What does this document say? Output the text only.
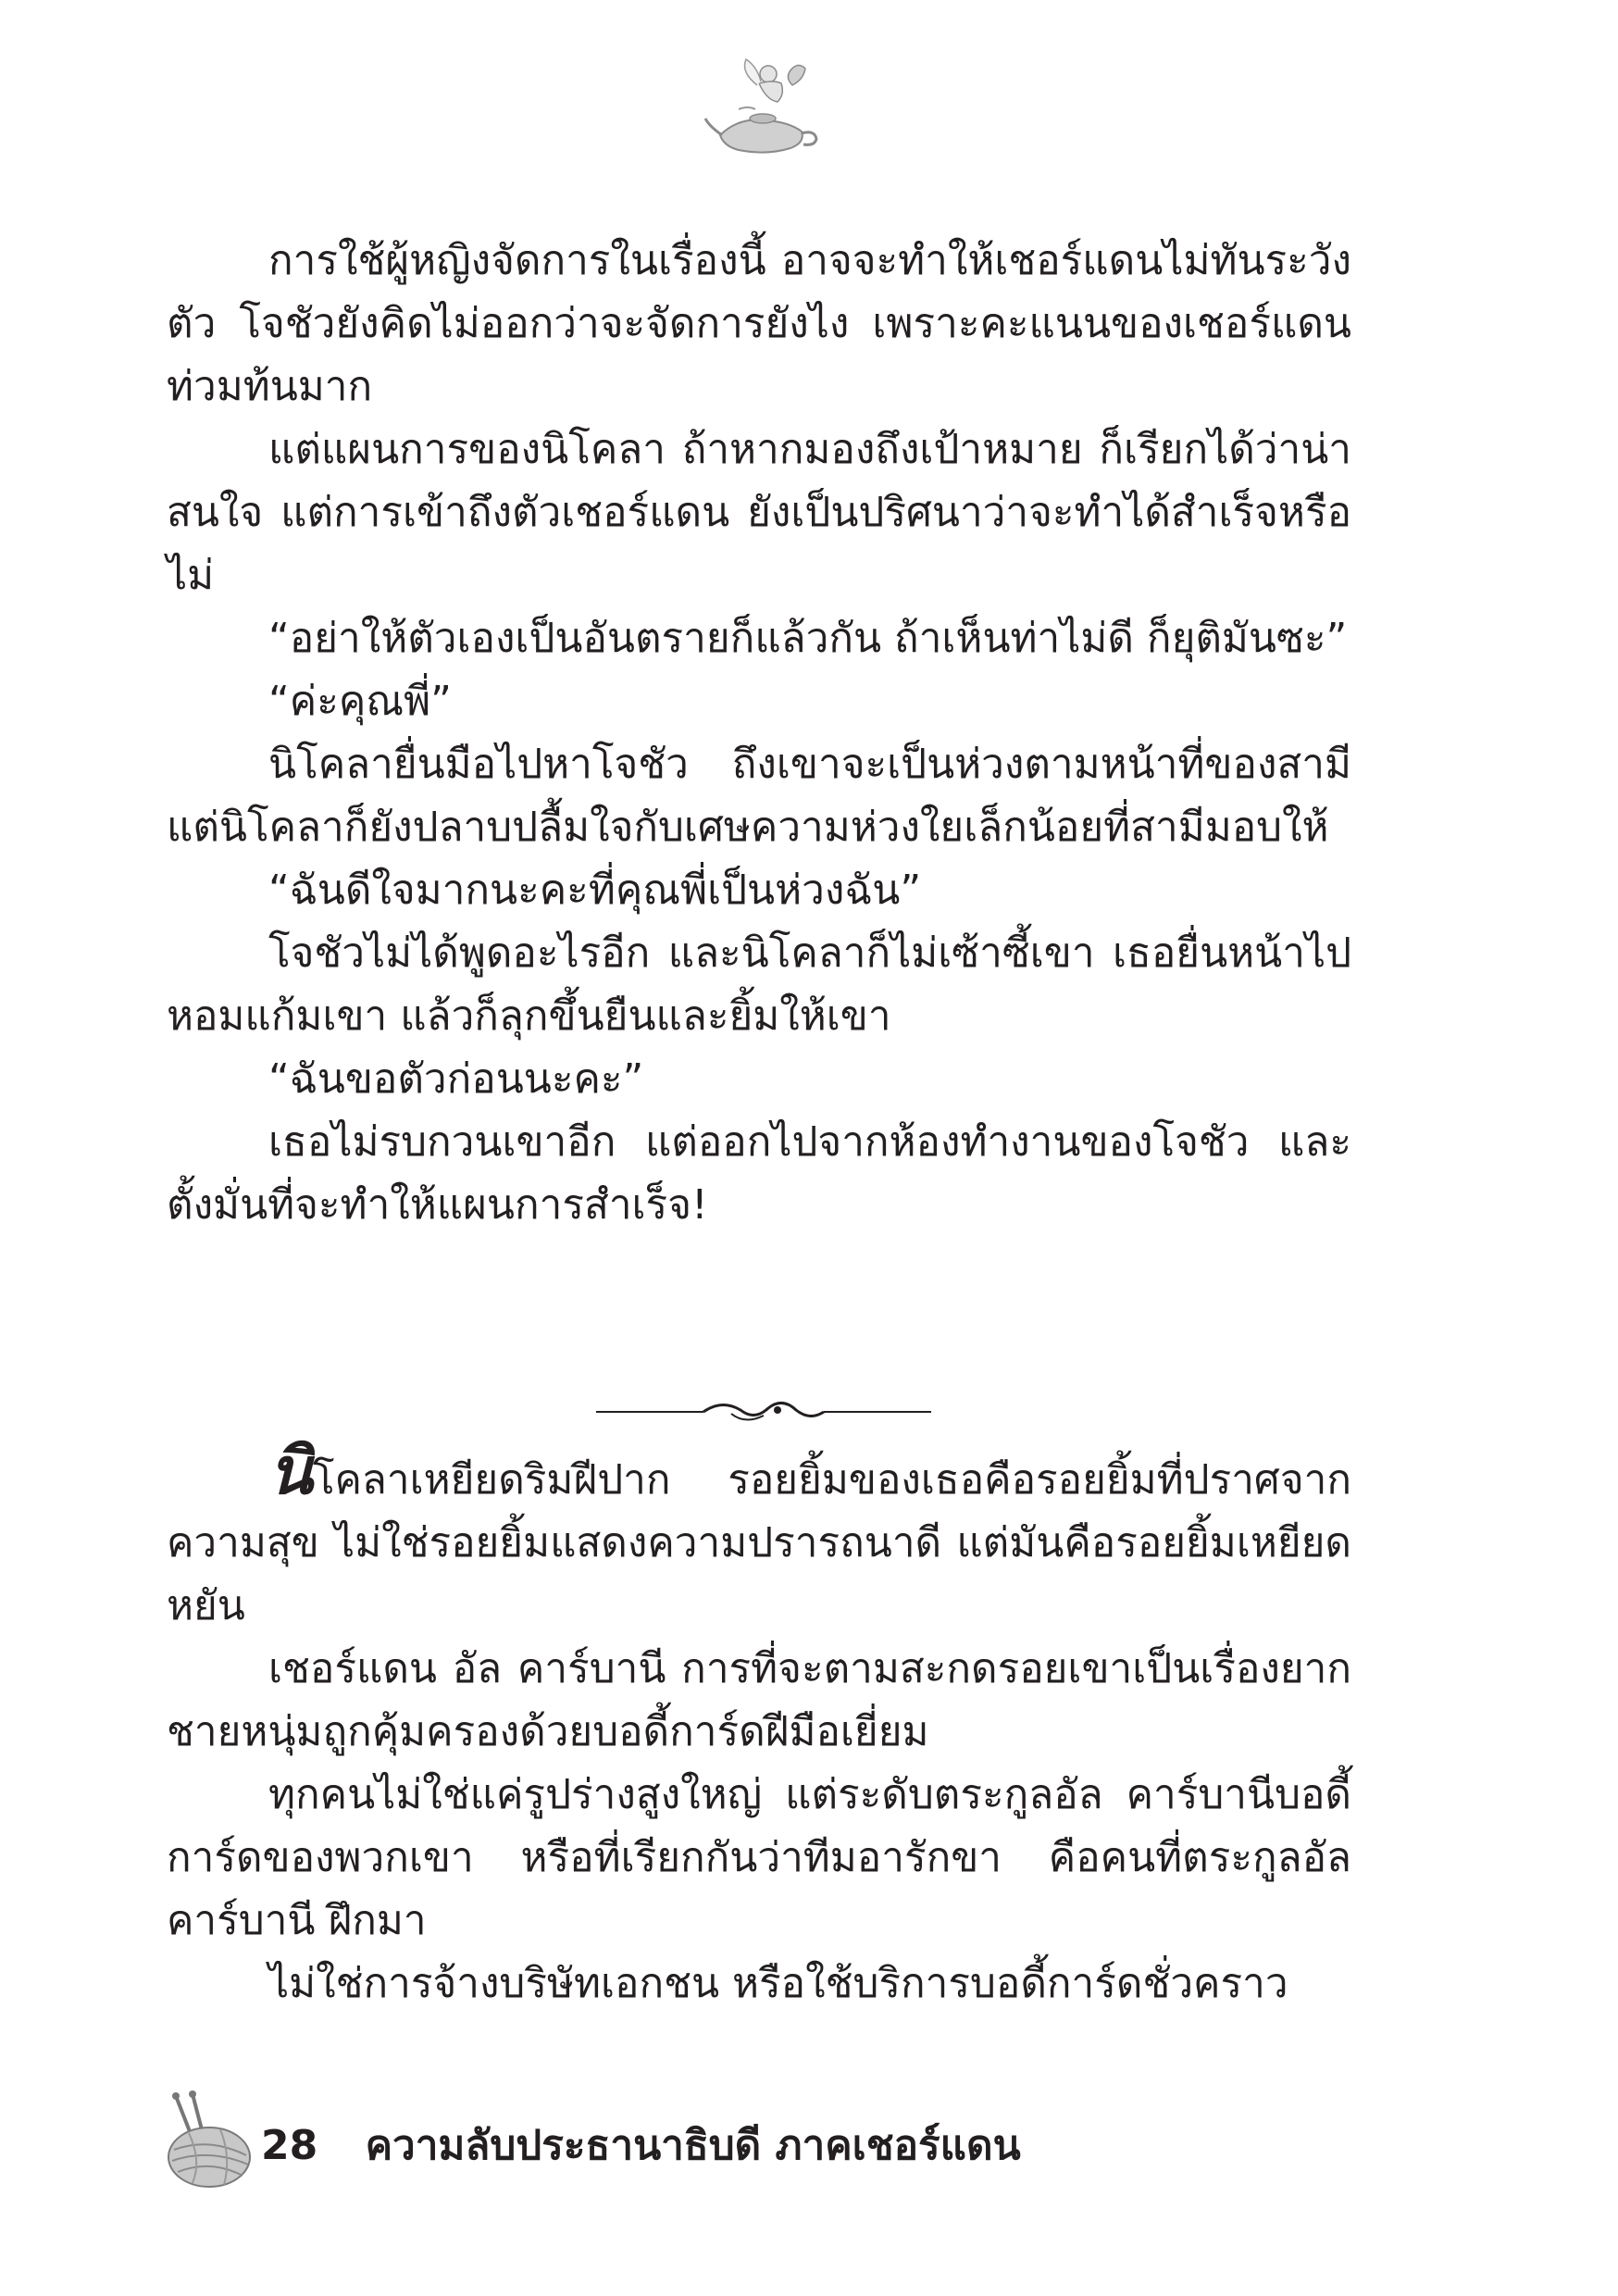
การใช้ผู้หญิงจัดการในเรื่องนี้ อาจจะทำให้เชอร์แดนไม่ทันระวังตัว โจชัวยังคิดไม่ออกว่าจะจัดการยังไง เพราะคะแนนของเชอร์แดนท่วมท้นมาก

แต่แผนการของนิโคลา ถ้าหากมองถึงเป้าหมาย ก็เรียกได้ว่าน่าสนใจ แต่การเข้าถึงตัวเชอร์แดน ยังเป็นปริศนาว่าจะทำได้สำเร็จหรือไม่

“อย่าให้ตัวเองเป็นอันตรายก็แล้วกัน ถ้าเห็นท่าไม่ดี ก็ยุติมันซะ”

“ค่ะคุณพี่”

นิโคลายื่นมือไปหาโจชัว ถึงเขาจะเป็นห่วงตามหน้าที่ของสามีแต่นิโคลาก็ยังปลาบปลื้มใจกับเศษความห่วงใยเล็กน้อยที่สามีมอบให้

“ฉันดีใจมากนะคะที่คุณพี่เป็นห่วงฉัน”

โจชัวไม่ได้พูดอะไรอีก และนิโคลาก็ไม่เซ้าซี้เขา เธอยื่นหน้าไปหอมแก้มเขา แล้วก็ลุกขึ้นยืนและยิ้มให้เขา

“ฉันขอตัวก่อนนะคะ”

เธอไม่รบกวนเขาอีก แต่ออกไปจากห้องทำงานของโจชัว และตั้งมั่นที่จะทำให้แผนการสำเร็จ!

นิโคลาเหยียดริมฝีปาก รอยยิ้มของเธอคือรอยยิ้มที่ปราศจากความสุข ไม่ใช่รอยยิ้มแสดงความปรารถนาดี แต่มันคือรอยยิ้มเหยียดหยัน

เชอร์แดน อัล คาร์บานี การที่จะตามสะกดรอยเขาเป็นเรื่องยากชายหนุ่มถูกคุ้มครองด้วยบอดี้การ์ดฝีมือเยี่ยม

ทุกคนไม่ใช่แค่รูปร่างสูงใหญ่ แต่ระดับตระกูลอัล คาร์บานีบอดี้การ์ดของพวกเขา หรือที่เรียกกันว่าทีมอารักขา คือคนที่ตระกูลอัล คาร์บานี ฝึกมา

ไม่ใช่การจ้างบริษัทเอกชน หรือใช้บริการบอดี้การ์ดชั่วคราว

28 ความลับประธานาธิบดี ภาคเชอร์แดน
